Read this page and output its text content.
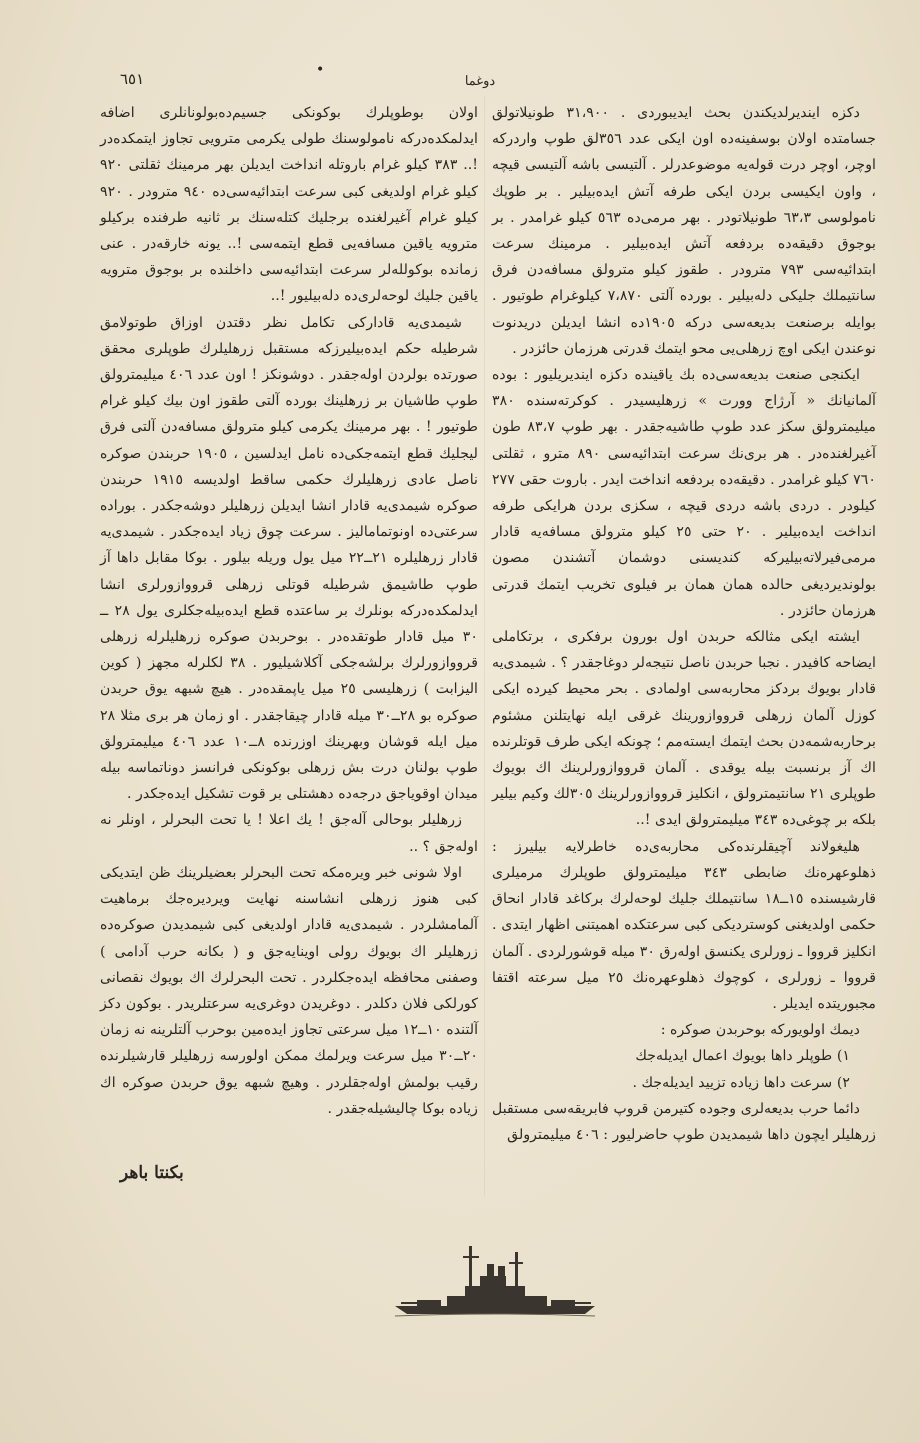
٦٥١	•
دوغما

دكزه ایندیرلدیكندن بحث ایدیبوردی . ٣١،٩٠٠ طونیلاتولق جسامتده اولان بوسفینه‌ده اون ایكی عدد ٣٥٦لق طوپ واردركه اوچر، اوچر درت قوله‌یه موضوعدرلر . آلتیسی باشه آلتیسی قیچه ، واون ایكیسی بردن ایكی طرفه آتش ایده‌بیلیر . بر طوپك نامولوسی ٦٣،٣ طونیلاتودر . بهر مرمی‌ده ٥٦٣ كیلو غرامدر . بر بوجوق دقیقه‌ده بردفعه آتش ایده‌بیلیر . مرمینك سرعت ابتدائیه‌سی ٧٩٣ مترو‌در . طقوز كیلو مترولق مسافه‌دن فرق سانتیملك جلیكی دله‌بیلیر . بورده آلتی ٧،٨٧٠ كیلوغرام طوتیور . بوایله برصنعت بدیعه‌سی دركه ١٩٠٥ده انشا ایدیلن دریدنوت نوعندن ایكی اوچ زرهلی‌یی محو ایتمك قدرتی هرزمان حائزدر .

ایكنجی صنعت بدیعه‌سی‌ده بك یاقینده دكزه ایندیریلیور : بوده آلمانیانك « آرژاج وورت » زرهلیسیدر . كوكرته‌سنده ٣٨٠ میلیمترولق سكز عدد طوپ طاشیه‌جقدر . بهر طوپ ٨٣،٧ طون آغیرلغنده‌در . هر بری‌نك سرعت ابتدائیه‌سی ٨٩٠ مترو ، ثقلتی ٧٦٠ كیلو غرامدر . دقیقه‌ده بردفعه انداخت ایدر . باروت حقی ٢٧٧ كیلودر . دردی باشه دردی قیچه ، سكزی بردن هرایكی طرفه انداخت ایده‌بیلیر . ٢٠ حتی ٢٥ كیلو مترولق مسافه‌یه قادار مرمی‌فیرلاته‌بیلیركه كندیسنی دوشمان آتشندن مصون بولوندیردیغی حالده همان همان بر فیلوی تخریب ایتمك قدرتی هرزمان حائزدر .

ایشته ایكی مثالكه حربدن اول بورون برفكری ، برتكاملی ایضاحه كافیدر . نجبا حربدن ناصل نتیجه‌لر دوغاجقدر ؟ . شیمدی‌یه قادار بویوك بردكز محاربه‌سی اولمادی . بحر محیط كیرده ایكی كوزل آلمان زرهلی قرووازورینك غرقی ایله نهایتلنن مشئوم برحاربه‌شمه‌دن بحث ایتمك ایسته‌مم ؛ چونكه ایكی طرف قوتلرنده اك آز برنسبت بیله یوقدی . آلمان قرووازورلرینك اك بویوك طوپلری ٢١ سانتیمترولق ، انكلیز قرووازورلرینك ٣٠٥لك وكیم بیلیر بلكه بر چوغی‌ده ٣٤٣ میلیمترولق ایدی !..

هلیغولاند آچیقلرنده‌كی محاربه‌ی‌ده خاطرلایه بیلیرز : ذهلوعهره‌نك ضابطی ٣٤٣ میلیمترولق طوپلرك مرمیلری قارشیسنده ١٥ــ١٨ سانتیملك جلیك لوحه‌لرك بركاغد قادار انحاق حكمی اولدیغنی كوستردیكی كبی سرعتكده اهمیتنی اظهار ایتدی . انكلیز قرووا ـ زورلری یكنسق اوله‌رق ٣٠ میله قوشورلردی . آلمان قرووا ـ زورلری ، كوچوك ذهلوعهره‌نك ٢٥ میل سرعته اقتفا مجبوریتده ایدیلر .

دیمك اولویوركه بوحربدن صوكره :

١) طوپلر داها بویوك اعمال ایدیله‌جك

٢) سرعت داها زیاده تزیید ایدیله‌جك .

دائما حرب بدیعه‌لری وجوده كتیرمن قروپ فابریقه‌سی مستقبل زرهلیلر ایچون داها شیمدیدن طوپ حاضرلیور : ٤٠٦ میلیمترولق

اولان بوطوپلرك بوكونكی جسیم‌ده‌بولونانلری اضافه ایدلمكده‌دركه نامولوسنك طولی یكرمی مترویی تجاوز ایتمكده‌در !.. ٣٨٣ كیلو غرام باروتله انداخت ایدیلن بهر مرمینك ثقلتی ٩٢٠ كیلو غرام اولدیغی كبی سرعت ابتدائیه‌سی‌ده ٩٤٠ مترودر . ٩٢٠ كیلو غرام آغیرلغنده برجلیك كتله‌سنك بر ثانیه طرفنده بركیلو مترویه یاقین مسافه‌یی قطع ایتمه‌سی !.. یونه خارقه‌در . عنی زمانده بوكولله‌لر سرعت ابتدائیه‌سی داخلنده بر بوجوق مترویه یاقین جلیك لوحه‌لری‌ده دله‌بیلیور !..

شیمدی‌یه قادارکی تكامل نظر دقتدن اوزاق طوتولامق شرطیله حكم ایده‌بیلیرزكه مستقبل زرهلیلرك طوپلری محقق صورتده بولردن اوله‌جقدر . دوشونكز ! اون عدد ٤٠٦ میلیمترولق طوپ طاشیان بر زرهلینك بورده آلتی طقوز اون بیك كیلو غرام طوتیور ! . بهر مرمینك یكرمی كیلو مترولق مسافه‌دن آلتی فرق لیجلیك قطع ایتمه‌جكی‌ده نامل ایدلسین ، ١٩٠٥ حربندن صوكره ناصل عادی زرهلیلرك حكمی ساقط اولدیسه ١٩١٥ حربندن صوكره شیمدی‌یه قادار انشا ایدیلن زرهلیلر دوشه‌جكدر . بوراده سرعتی‌ده اونوتمامالیز . سرعت چوق زیاد ایده‌جكدر . شیمدی‌یه قادار زرهلیلره ٢١ــ٢٢ میل یول وریله بیلور . بوكا مقابل داها آز طوپ طاشیمق شرطیله قوتلی زرهلی قرووازورلری انشا ایدلمكده‌دركه بونلرك بر ساعتده قطع ایده‌بیله‌جكلری یول ٢٨ ــ ٣٠ میل قادار طوتقده‌در . بوحربدن صوكره زرهلیلرله زرهلی قرووازورلرك برلشه‌جكی آكلاشیلیور . ٣٨ لكلرله مجهز ( كوین الیزابت ) زرهلیسی ٢٥ میل یاپمقده‌در . هیچ شبهه یوق حربدن صوكره بو ٢٨ــ٣٠ میله قادار چیقاجقدر . او زمان هر بری مثلا ٢٨ میل ایله قوشان وبهرینك اوزرنده ٨ــ١٠ عدد ٤٠٦ میلیمترولق طوپ بولنان درت بش زرهلی بوكونكی فرانسز دوناتماسه بیله میدان اوقویاجق درجه‌ده دهشتلی بر قوت تشكیل ایده‌جكدر .

زرهلیلر بوحالی آله‌جق ! یك اعلا ! یا تحت البحرلر ، اونلر نه اوله‌جق ؟ ..

اولا شونی خبر ویره‌مكه تحت البحرلر بعضیلرینك ظن ایتدیكی كبی هنوز زرهلی انشاسنه نهایت ویردیره‌جك برماهیت آلمامشلردر . شیمدی‌یه قادار اولدیغی كبی شیمدیدن صوكره‌ده زرهلیلر اك بویوك رولی اوینایه‌جق و ( بكانه حرب آدامی ) وصفنی محافظه ایده‌جكلردر . تحت البحرلرك اك بویوك نقصانی كورلكی فلان دكلدر . دوغریدن دوغری‌یه سرعتلریدر . بوكون دكز آلتنده ١٠ــ١٢ میل سرعتی تجاوز ایده‌مین بوحرب آلتلرینه نه زمان ٢٠ــ٣٠ میل سرعت ویرلمك ممكن اولورسه زرهلیلر قارشیلرنده رقیب بولمش اوله‌جقلردر . وهیچ شبهه یوق حربدن صوكره اك زیاده بوكا چالیشیله‌جقدر .

بكنتا باهر
